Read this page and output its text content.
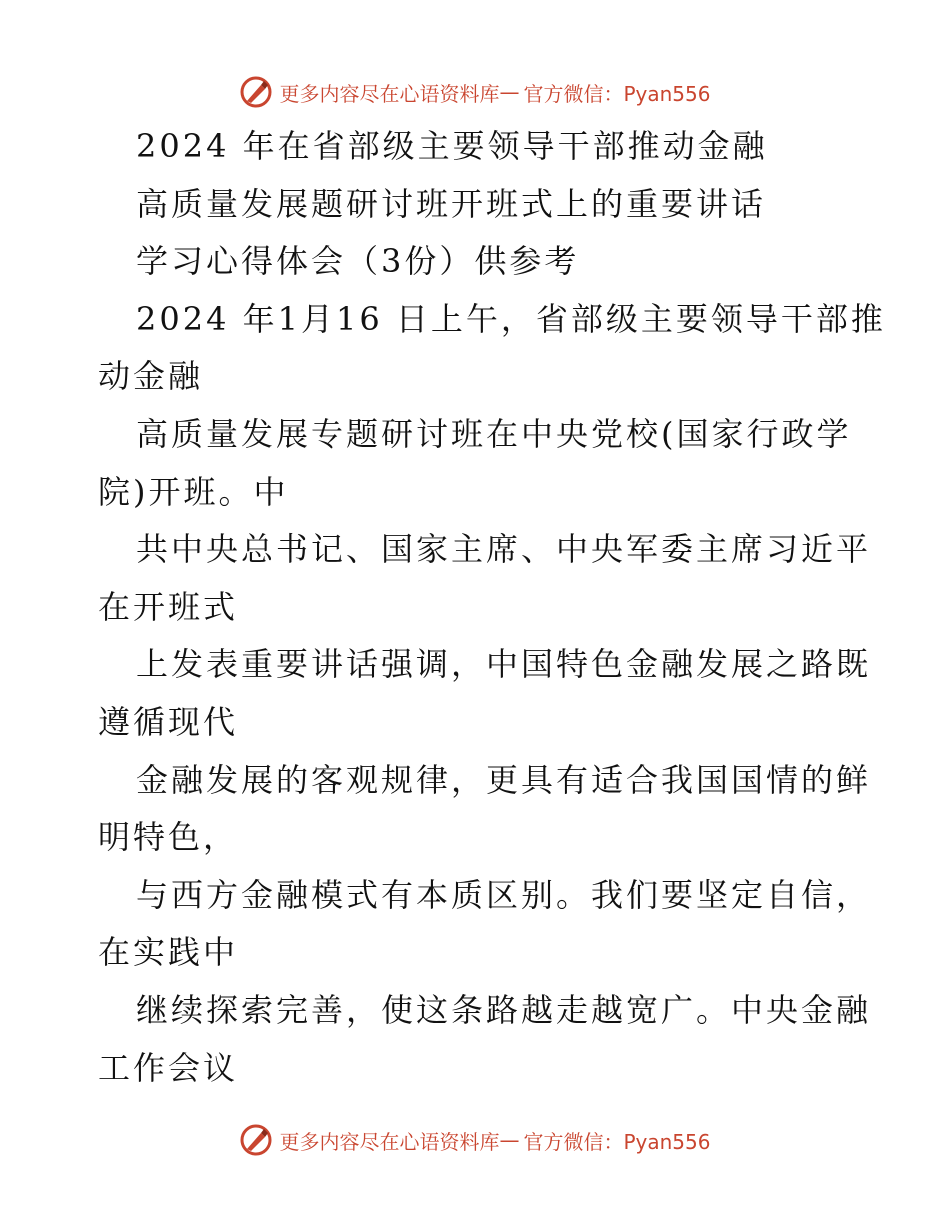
更多内容尽在心语资料库 — 官方微信：Pyan556
2024 年在省部级主要领导干部推动金融
高质量发展题研讨班开班式上的重要讲话
学习心得体会（3份）供参考
2024 年1月16 日上午，省部级主要领导干部推
动金融
高质量发展专题研讨班在中央党校(国家行政学
院)开班。中
共中央总书记、国家主席、中央军委主席习近平
在开班式
上发表重要讲话强调，中国特色金融发展之路既
遵循现代
金融发展的客观规律，更具有适合我国国情的鲜
明特色，
与西方金融模式有本质区别。我们要坚定自信，
在实践中
继续探索完善，使这条路越走越宽广。中央金融
工作会议
更多内容尽在心语资料库 — 官方微信：Pyan556
